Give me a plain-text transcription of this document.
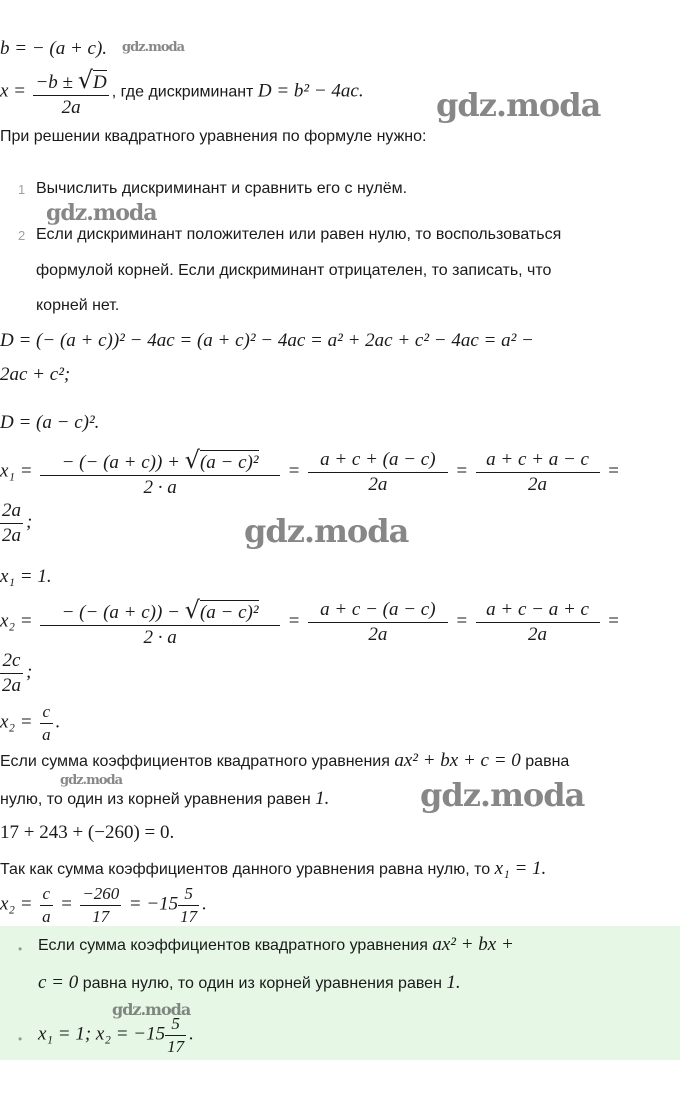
b = − (a + c). gdz.moda
$x = \frac{-b \pm √D}{2a}$ , где дискриминант D = b² − 4ac. gdz.moda
При решении квадратного уравнения по формуле нужно:
1 Вычислить дискриминант и сравнить его с нулём.
gdz.moda
2 Если дискриминант положителен или равен нулю, то воспользоваться
формулой корней. Если дискриминант отрицателен, то записать, что
корней нет.
D = (− (a + c))² − 4ac = (a + c)² − 4ac = a² + 2ac + c² − 4ac = a² −
2ac + c²;
D = (a − c)².
$x_1 = \frac{\text{− (− (a + c)) + √(a − c)²}}{2 \cdot a} = \frac{a + c + (a - c)}{2a} = \frac{a + c + a - c}{2a}$ =
$\frac{2a}{2a}$ ;	gdz.moda
x₁ = 1.
$x_2 = \frac{\text{− (− (a + c)) − √(a − c)²}}{2 \cdot a} = \frac{a + c - (a - c)}{2a} = \frac{a + c - a + c}{2a}$ =
$\frac{2c}{2a}$ ;
$x_2 = \frac{c}{a}$ .
Если сумма коэффициентов квадратного уравнения ax² + bx + c = 0 равна
gdz.moda
нулю, то один из корней уравнения равен 1.	gdz.moda
17 + 243 + (−260) = 0.
Так как сумма коэффициентов данного уравнения равна нулю, то x₁ = 1.
$x_2 = \frac{c}{a} = \frac{-260}{17} = -15 \frac{5}{17}$ .
• Если сумма коэффициентов квадратного уравнения ax² + bx +
c = 0 равна нулю, то один из корней уравнения равен 1.
gdz.moda
• x₁ = 1; $x_2 = -15 \frac{5}{17}$ .
